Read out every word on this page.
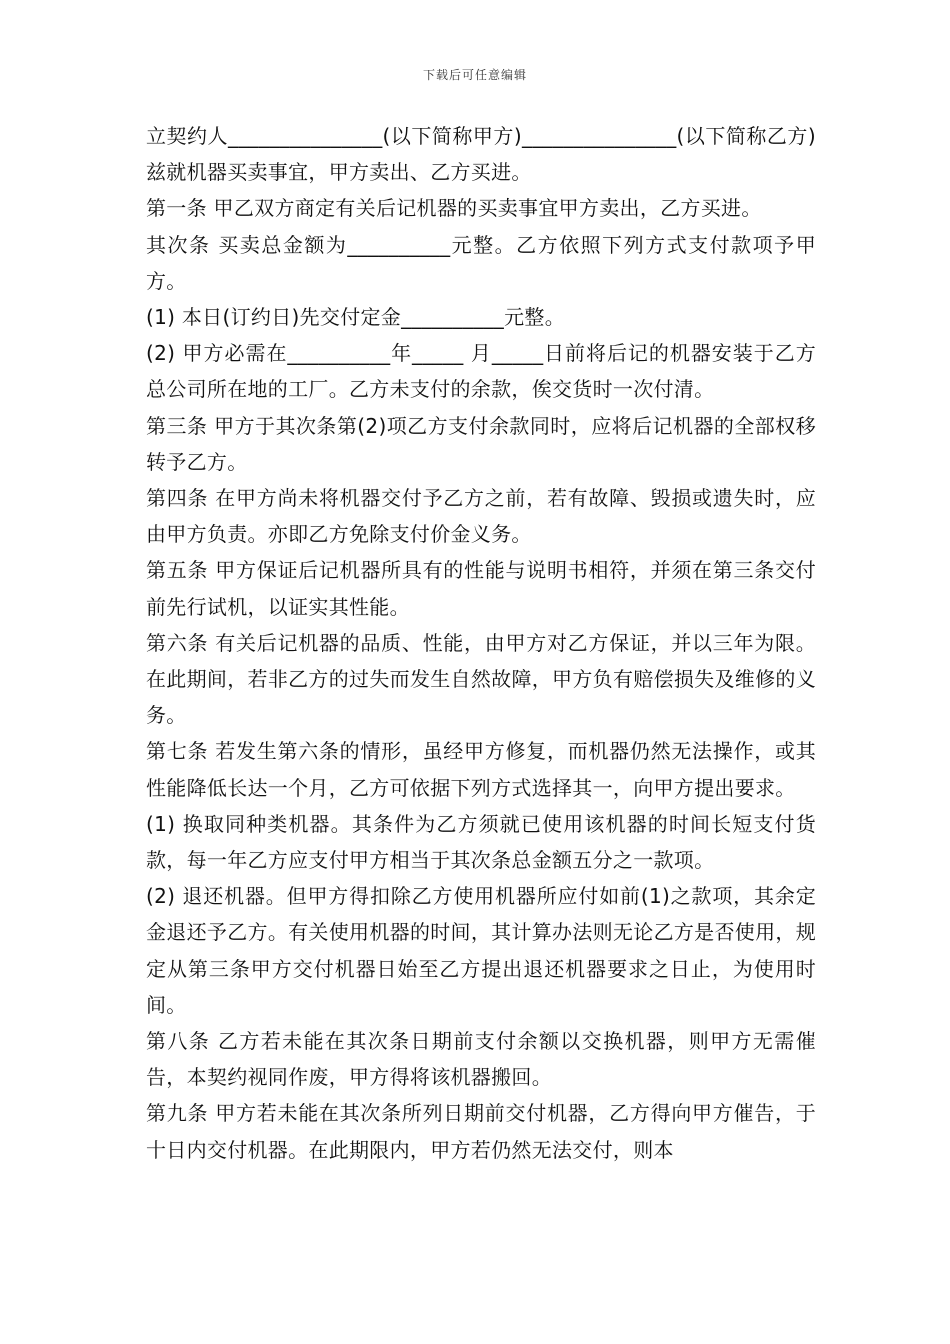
下载后可任意编辑

立契约人_______________(以下简称甲方)_______________(以下简称乙方)兹就机器买卖事宜，甲方卖出、乙方买进。

第一条 甲乙双方商定有关后记机器的买卖事宜甲方卖出，乙方买进。

其次条 买卖总金额为__________元整。乙方依照下列方式支付款项予甲方。

(1) 本日(订约日)先交付定金__________元整。

(2) 甲方必需在__________年_____ 月_____日前将后记的机器安装于乙方总公司所在地的工厂。乙方未支付的余款，俟交货时一次付清。

第三条 甲方于其次条第(2)项乙方支付余款同时，应将后记机器的全部权移转予乙方。

第四条 在甲方尚未将机器交付予乙方之前，若有故障、毁损或遗失时，应由甲方负责。亦即乙方免除支付价金义务。

第五条 甲方保证后记机器所具有的性能与说明书相符，并须在第三条交付前先行试机，以证实其性能。

第六条 有关后记机器的品质、性能，由甲方对乙方保证，并以三年为限。在此期间，若非乙方的过失而发生自然故障，甲方负有赔偿损失及维修的义务。

第七条 若发生第六条的情形，虽经甲方修复，而机器仍然无法操作，或其性能降低长达一个月，乙方可依据下列方式选择其一，向甲方提出要求。

(1) 换取同种类机器。其条件为乙方须就已使用该机器的时间长短支付货款，每一年乙方应支付甲方相当于其次条总金额五分之一款项。

(2) 退还机器。但甲方得扣除乙方使用机器所应付如前(1)之款项，其余定金退还予乙方。有关使用机器的时间，其计算办法则无论乙方是否使用，规定从第三条甲方交付机器日始至乙方提出退还机器要求之日止，为使用时间。

第八条 乙方若未能在其次条日期前支付余额以交换机器，则甲方无需催告，本契约视同作废，甲方得将该机器搬回。

第九条 甲方若未能在其次条所列日期前交付机器，乙方得向甲方催告，于十日内交付机器。在此期限内，甲方若仍然无法交付，则本
